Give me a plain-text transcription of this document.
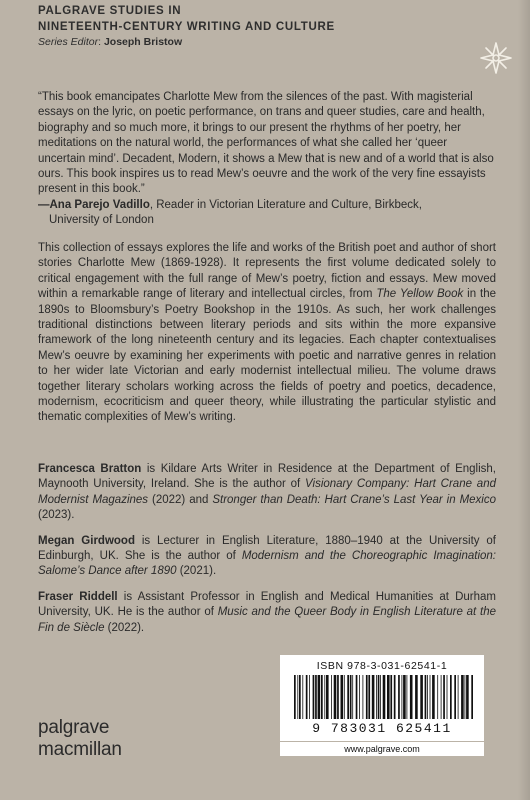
PALGRAVE STUDIES IN
NINETEENTH-CENTURY WRITING AND CULTURE
Series Editor: Joseph Bristow

“This book emancipates Charlotte Mew from the silences of the past. With magisterial essays on the lyric, on poetic performance, on trans and queer studies, care and health, biography and so much more, it brings to our present the rhythms of her poetry, her meditations on the natural world, the performances of what she called her ‘queer uncertain mind’. Decadent, Modern, it shows a Mew that is new and of a world that is also ours. This book inspires us to read Mew’s oeuvre and the work of the very fine essayists present in this book.”

—Ana Parejo Vadillo, Reader in Victorian Literature and Culture, Birkbeck,
University of London

This collection of essays explores the life and works of the British poet and author of short stories Charlotte Mew (1869-1928). It represents the first volume dedicated solely to critical engagement with the full range of Mew’s poetry, fiction and essays. Mew moved within a remarkable range of literary and intellectual circles, from The Yellow Book in the 1890s to Bloomsbury’s Poetry Bookshop in the 1910s. As such, her work challenges traditional distinctions between literary periods and sits within the more expansive framework of the long nineteenth century and its legacies. Each chapter contextualises Mew’s oeuvre by examining her experiments with poetic and narrative genres in relation to her wider late Victorian and early modernist intellectual milieu. The volume draws together literary scholars working across the fields of poetry and poetics, decadence, modernism, ecocriticism and queer theory, while illustrating the particular stylistic and thematic complexities of Mew’s writing.

Francesca Bratton is Kildare Arts Writer in Residence at the Department of English, Maynooth University, Ireland. She is the author of Visionary Company: Hart Crane and Modernist Magazines (2022) and Stronger than Death: Hart Crane’s Last Year in Mexico (2023).

Megan Girdwood is Lecturer in English Literature, 1880–1940 at the University of Edinburgh, UK. She is the author of Modernism and the Choreographic Imagination: Salome’s Dance after 1890 (2021).

Fraser Riddell is Assistant Professor in English and Medical Humanities at Durham University, UK. He is the author of Music and the Queer Body in English Literature at the Fin de Siècle (2022).

palgrave
macmillan
ISBN 978-3-031-62541-1
9 783031 625411
www.palgrave.com
